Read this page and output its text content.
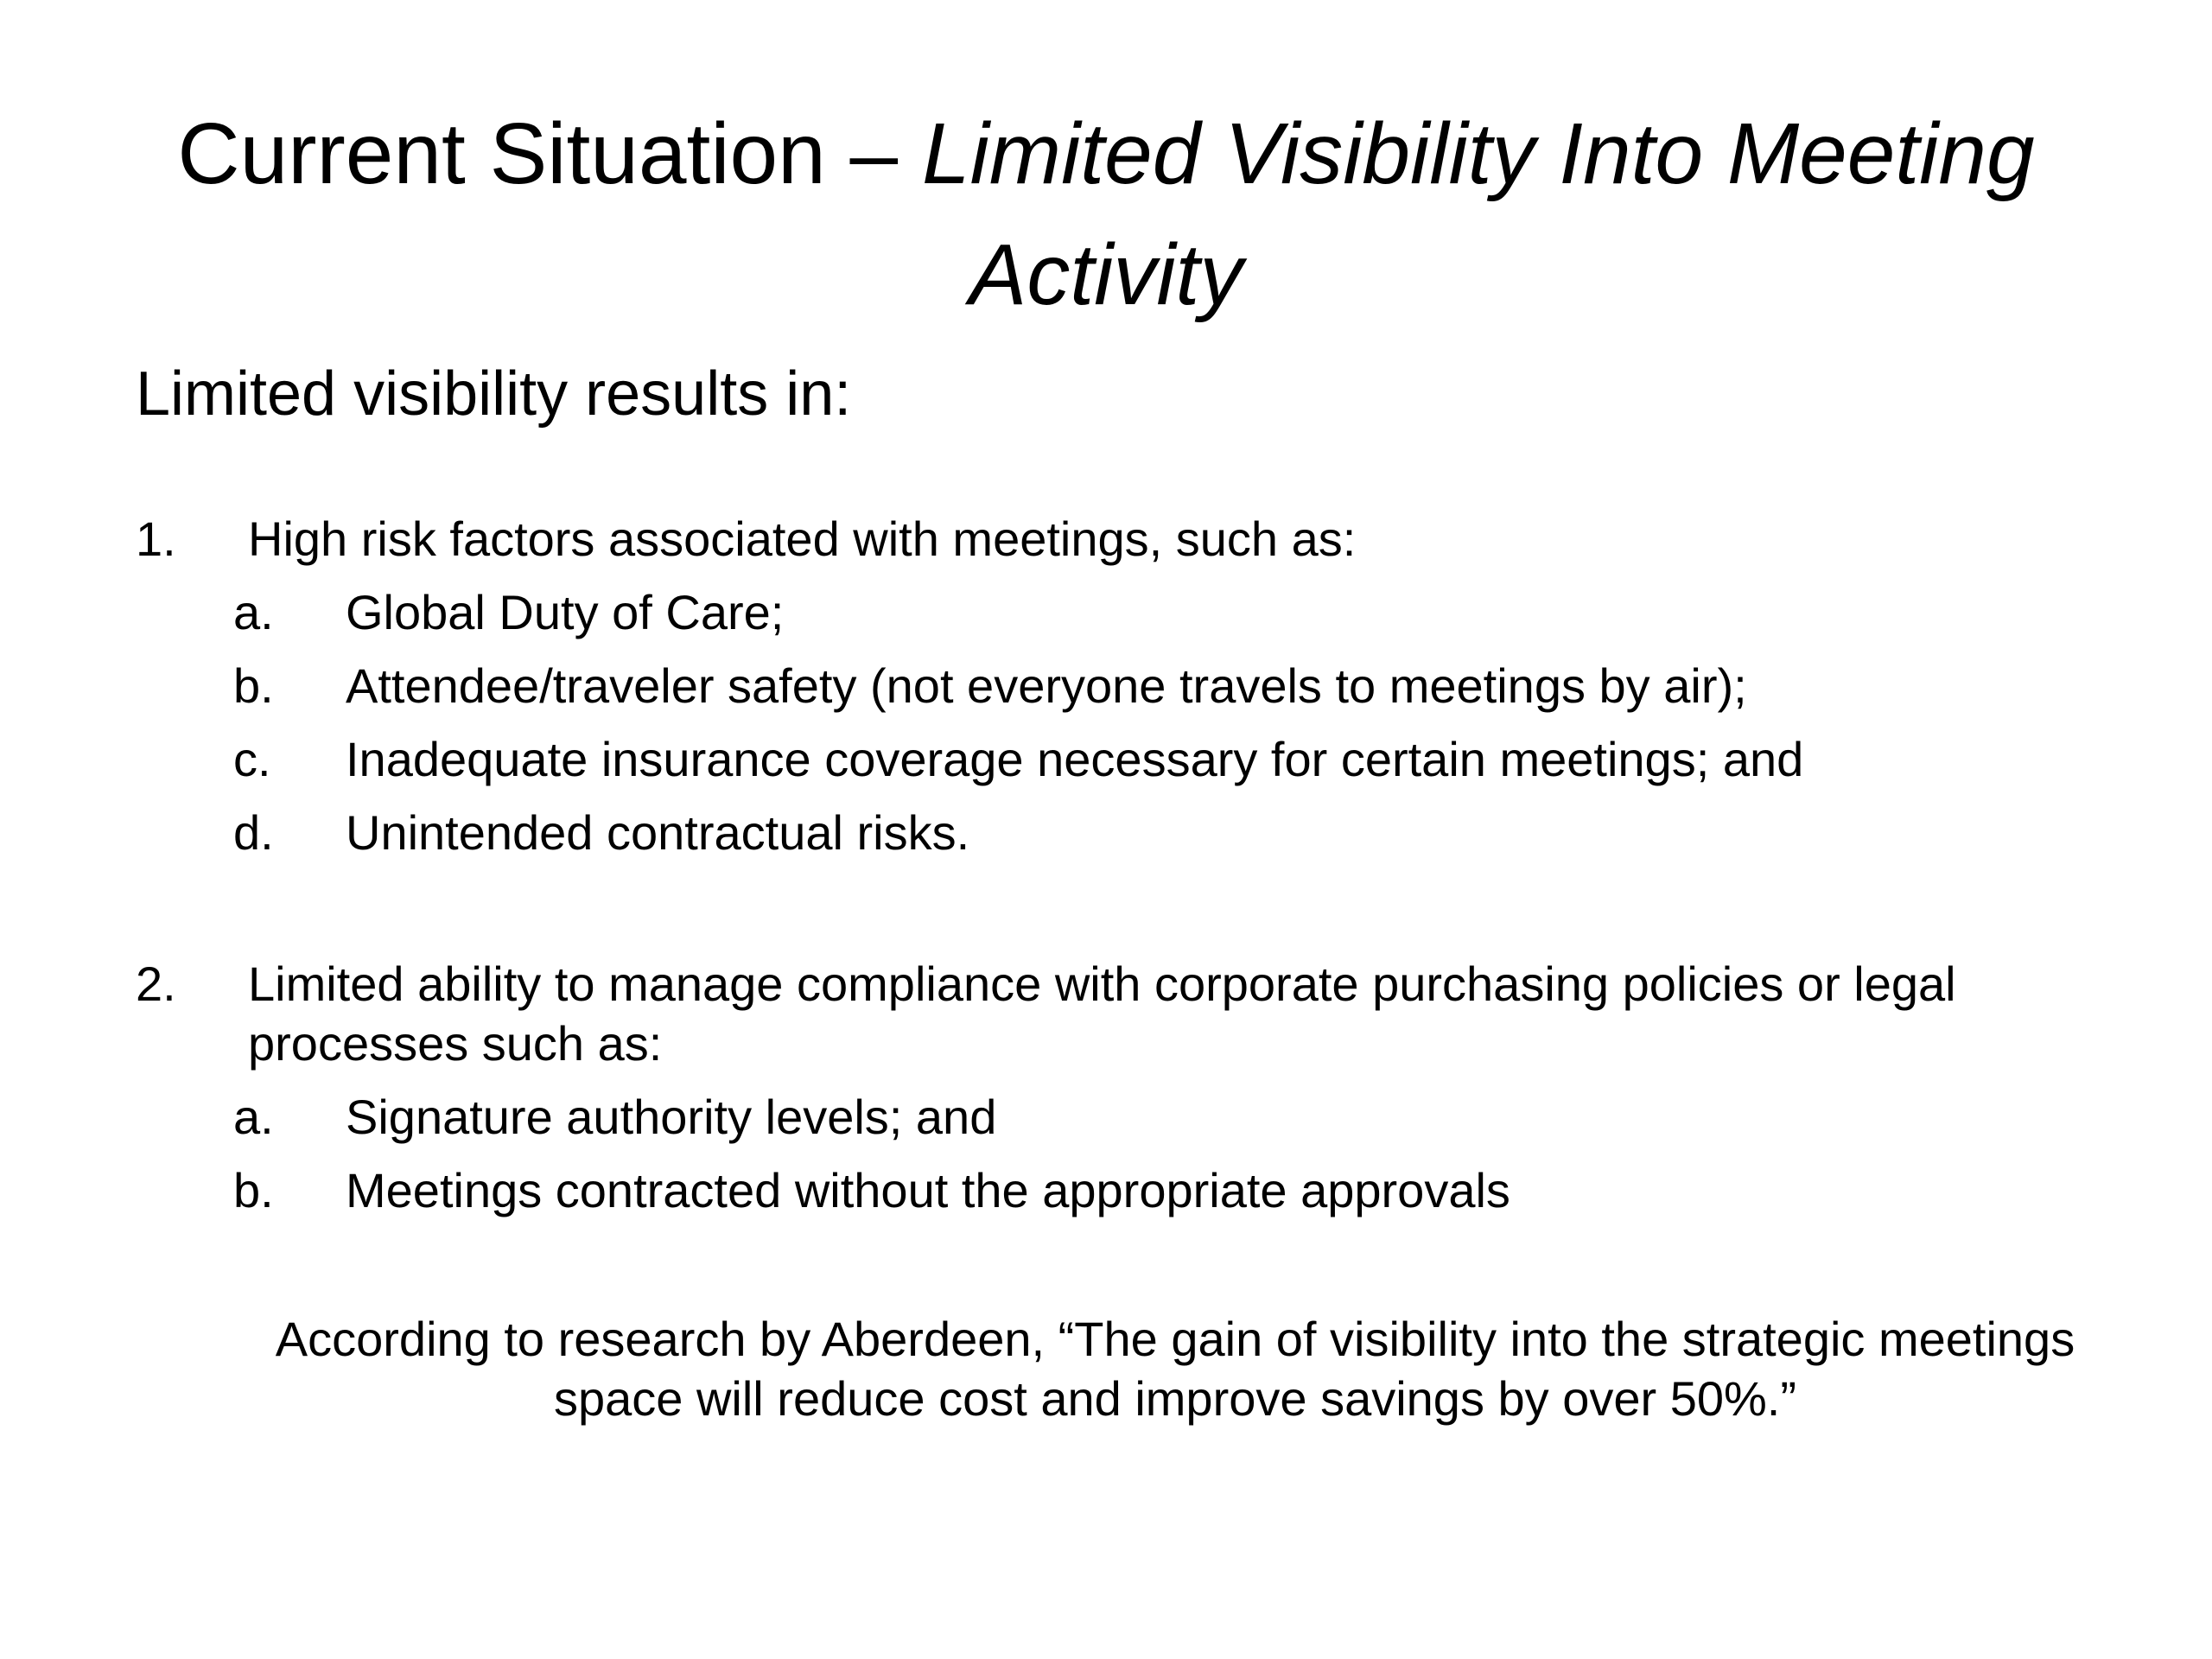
Current Situation – Limited Visibility Into Meeting Activity

Limited visibility results in:

1. High risk factors associated with meetings, such as:
a. Global Duty of Care;
b. Attendee/traveler safety (not everyone travels to meetings by air);
c. Inadequate insurance coverage necessary for certain meetings; and
d. Unintended contractual risks.
2. Limited ability to manage compliance with corporate purchasing policies or legal processes such as:
a. Signature authority levels; and
b. Meetings contracted without the appropriate approvals

According to research by Aberdeen, “The gain of visibility into the strategic meetings space will reduce cost and improve savings by over 50%.”
